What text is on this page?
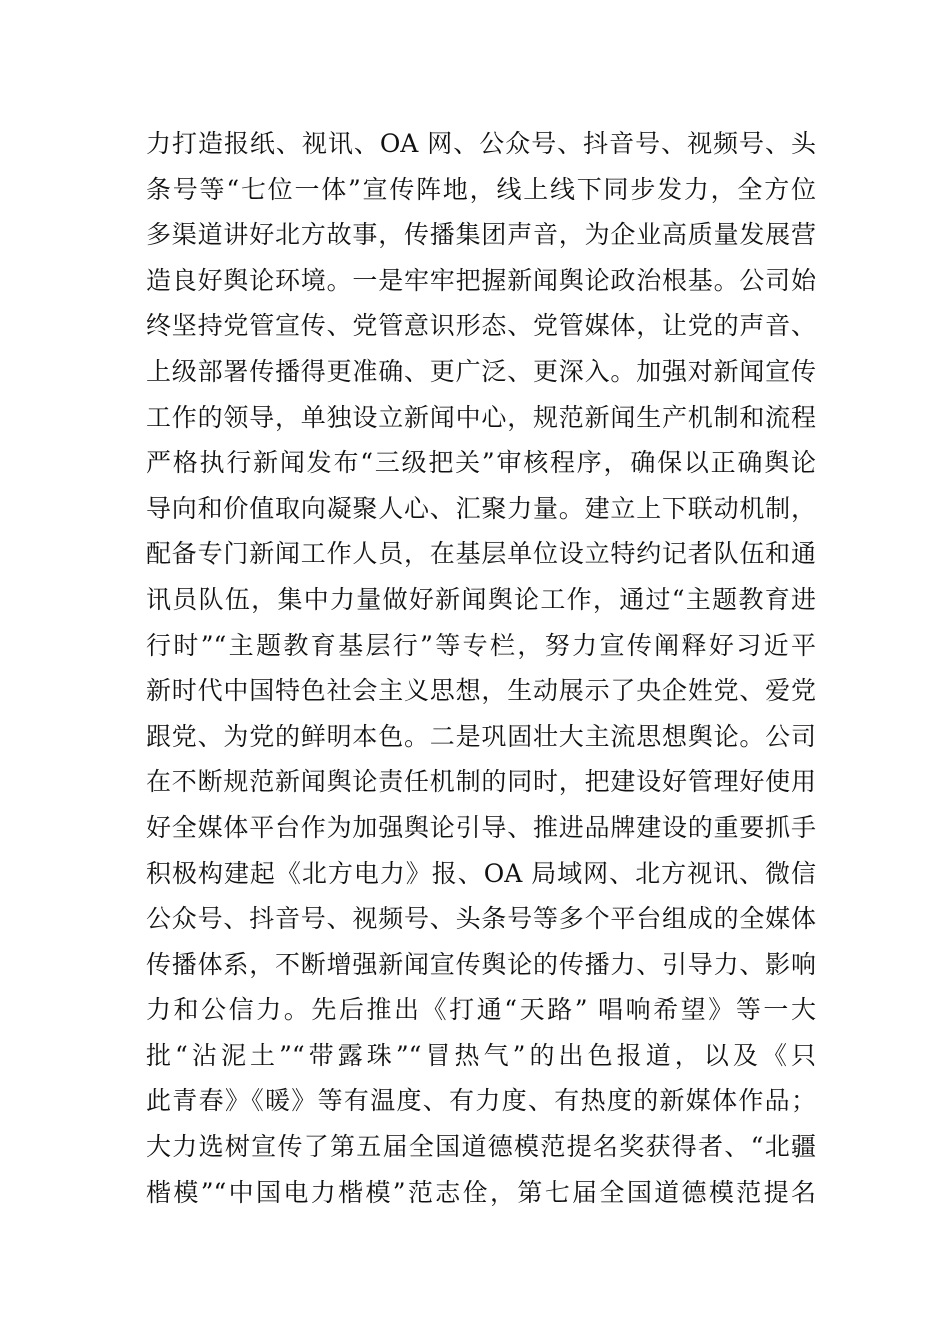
力打造报纸、视讯、OA 网、公众号、抖音号、视频号、头
条号等“七位一体”宣传阵地，线上线下同步发力，全方位
多渠道讲好北方故事，传播集团声音，为企业高质量发展营
造良好舆论环境。一是牢牢把握新闻舆论政治根基。公司始
终坚持党管宣传、党管意识形态、党管媒体，让党的声音、
上级部署传播得更准确、更广泛、更深入。加强对新闻宣传
工作的领导，单独设立新闻中心，规范新闻生产机制和流程
严格执行新闻发布“三级把关”审核程序，确保以正确舆论
导向和价值取向凝聚人心、汇聚力量。建立上下联动机制，
配备专门新闻工作人员，在基层单位设立特约记者队伍和通
讯员队伍，集中力量做好新闻舆论工作，通过“主题教育进
行时”“主题教育基层行”等专栏，努力宣传阐释好习近平
新时代中国特色社会主义思想，生动展示了央企姓党、爱党
跟党、为党的鲜明本色。二是巩固壮大主流思想舆论。公司
在不断规范新闻舆论责任机制的同时，把建设好管理好使用
好全媒体平台作为加强舆论引导、推进品牌建设的重要抓手
积极构建起《北方电力》报、OA 局域网、北方视讯、微信
公众号、抖音号、视频号、头条号等多个平台组成的全媒体
传播体系，不断增强新闻宣传舆论的传播力、引导力、影响
力和公信力。先后推出《打通“天路” 唱响希望》等一大
批“沾泥土”“带露珠”“冒热气”的出色报道，以及《只
此青春》《暖》等有温度、有力度、有热度的新媒体作品；
大力选树宣传了第五届全国道德模范提名奖获得者、“北疆
楷模”“中国电力楷模”范志佺，第七届全国道德模范提名
